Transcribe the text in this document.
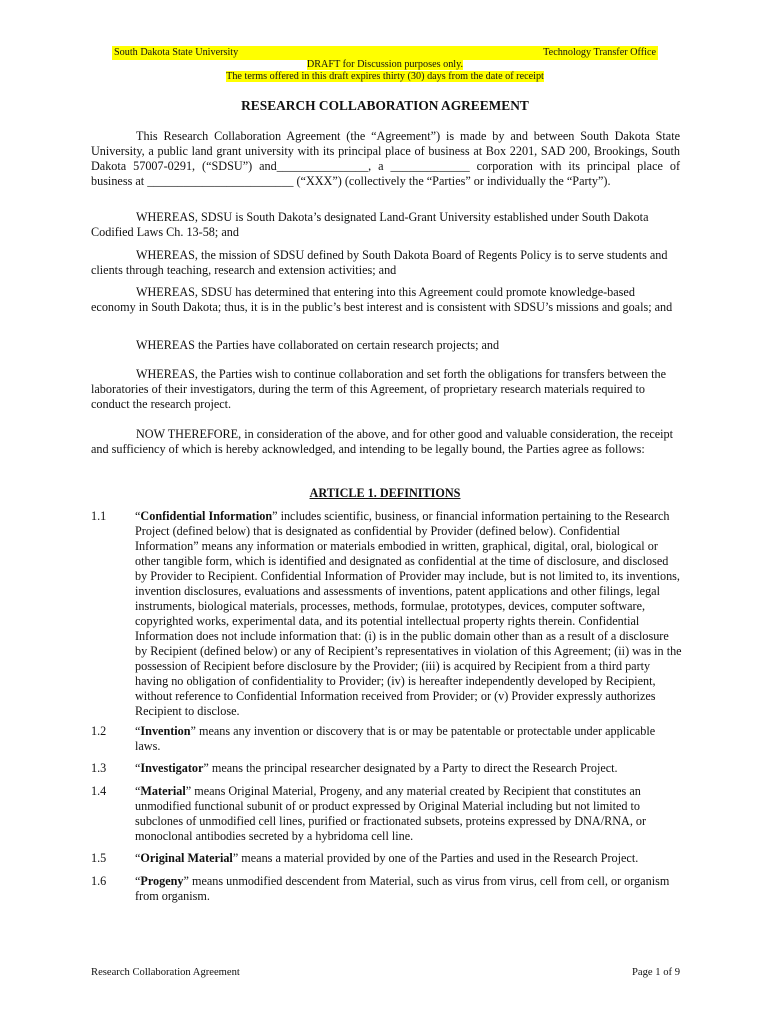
South Dakota State University	Technology Transfer Office
DRAFT for Discussion purposes only.
The terms offered in this draft expires thirty (30) days from the date of receipt
RESEARCH COLLABORATION AGREEMENT

This Research Collaboration Agreement (the “Agreement”) is made by and between South Dakota State University, a public land grant university with its principal place of business at Box 2201, SAD 200, Brookings, South Dakota 57007-0291, (“SDSU”) and_______________, a _____________ corporation with its principal place of business at ________________________ (“XXX”) (collectively the “Parties” or individually the “Party”).

WHEREAS, SDSU is South Dakota’s designated Land-Grant University established under South Dakota Codified Laws Ch. 13-58; and

WHEREAS, the mission of SDSU defined by South Dakota Board of Regents Policy is to serve students and clients through teaching, research and extension activities; and

WHEREAS, SDSU has determined that entering into this Agreement could promote knowledge-based economy in South Dakota; thus, it is in the public’s best interest and is consistent with SDSU’s missions and goals; and

WHEREAS the Parties have collaborated on certain research projects; and

WHEREAS, the Parties wish to continue collaboration and set forth the obligations for transfers between the laboratories of their investigators, during the term of this Agreement, of proprietary research materials required to conduct the research project.

NOW THEREFORE, in consideration of the above, and for other good and valuable consideration, the receipt and sufficiency of which is hereby acknowledged, and intending to be legally bound, the Parties agree as follows:

ARTICLE 1. DEFINITIONS
1.1 “Confidential Information” includes scientific, business, or financial information pertaining to the Research Project (defined below) that is designated as confidential by Provider (defined below). Confidential Information” means any information or materials embodied in written, graphical, digital, oral, biological or other tangible form, which is identified and designated as confidential at the time of disclosure, and disclosed by Provider to Recipient. Confidential Information of Provider may include, but is not limited to, its inventions, invention disclosures, evaluations and assessments of inventions, patent applications and other filings, legal instruments, biological materials, processes, methods, formulae, prototypes, devices, computer software, copyrighted works, experimental data, and its potential intellectual property rights therein. Confidential Information does not include information that: (i) is in the public domain other than as a result of a disclosure by Recipient (defined below) or any of Recipient’s representatives in violation of this Agreement; (ii) was in the possession of Recipient before disclosure by the Provider; (iii) is acquired by Recipient from a third party having no obligation of confidentiality to Provider; (iv) is hereafter independently developed by Recipient, without reference to Confidential Information received from Provider; or (v) Provider expressly authorizes Recipient to disclose.

1.2 “Invention” means any invention or discovery that is or may be patentable or protectable under applicable laws.

1.3 “Investigator” means the principal researcher designated by a Party to direct the Research Project.

1.4 “Material” means Original Material, Progeny, and any material created by Recipient that constitutes an unmodified functional subunit of or product expressed by Original Material including but not limited to subclones of unmodified cell lines, purified or fractionated subsets, proteins expressed by DNA/RNA, or monoclonal antibodies secreted by a hybridoma cell line.

1.5 “Original Material” means a material provided by one of the Parties and used in the Research Project.

1.6 “Progeny” means unmodified descendent from Material, such as virus from virus, cell from cell, or organism from organism.

Research Collaboration Agreement	Page 1 of 9
